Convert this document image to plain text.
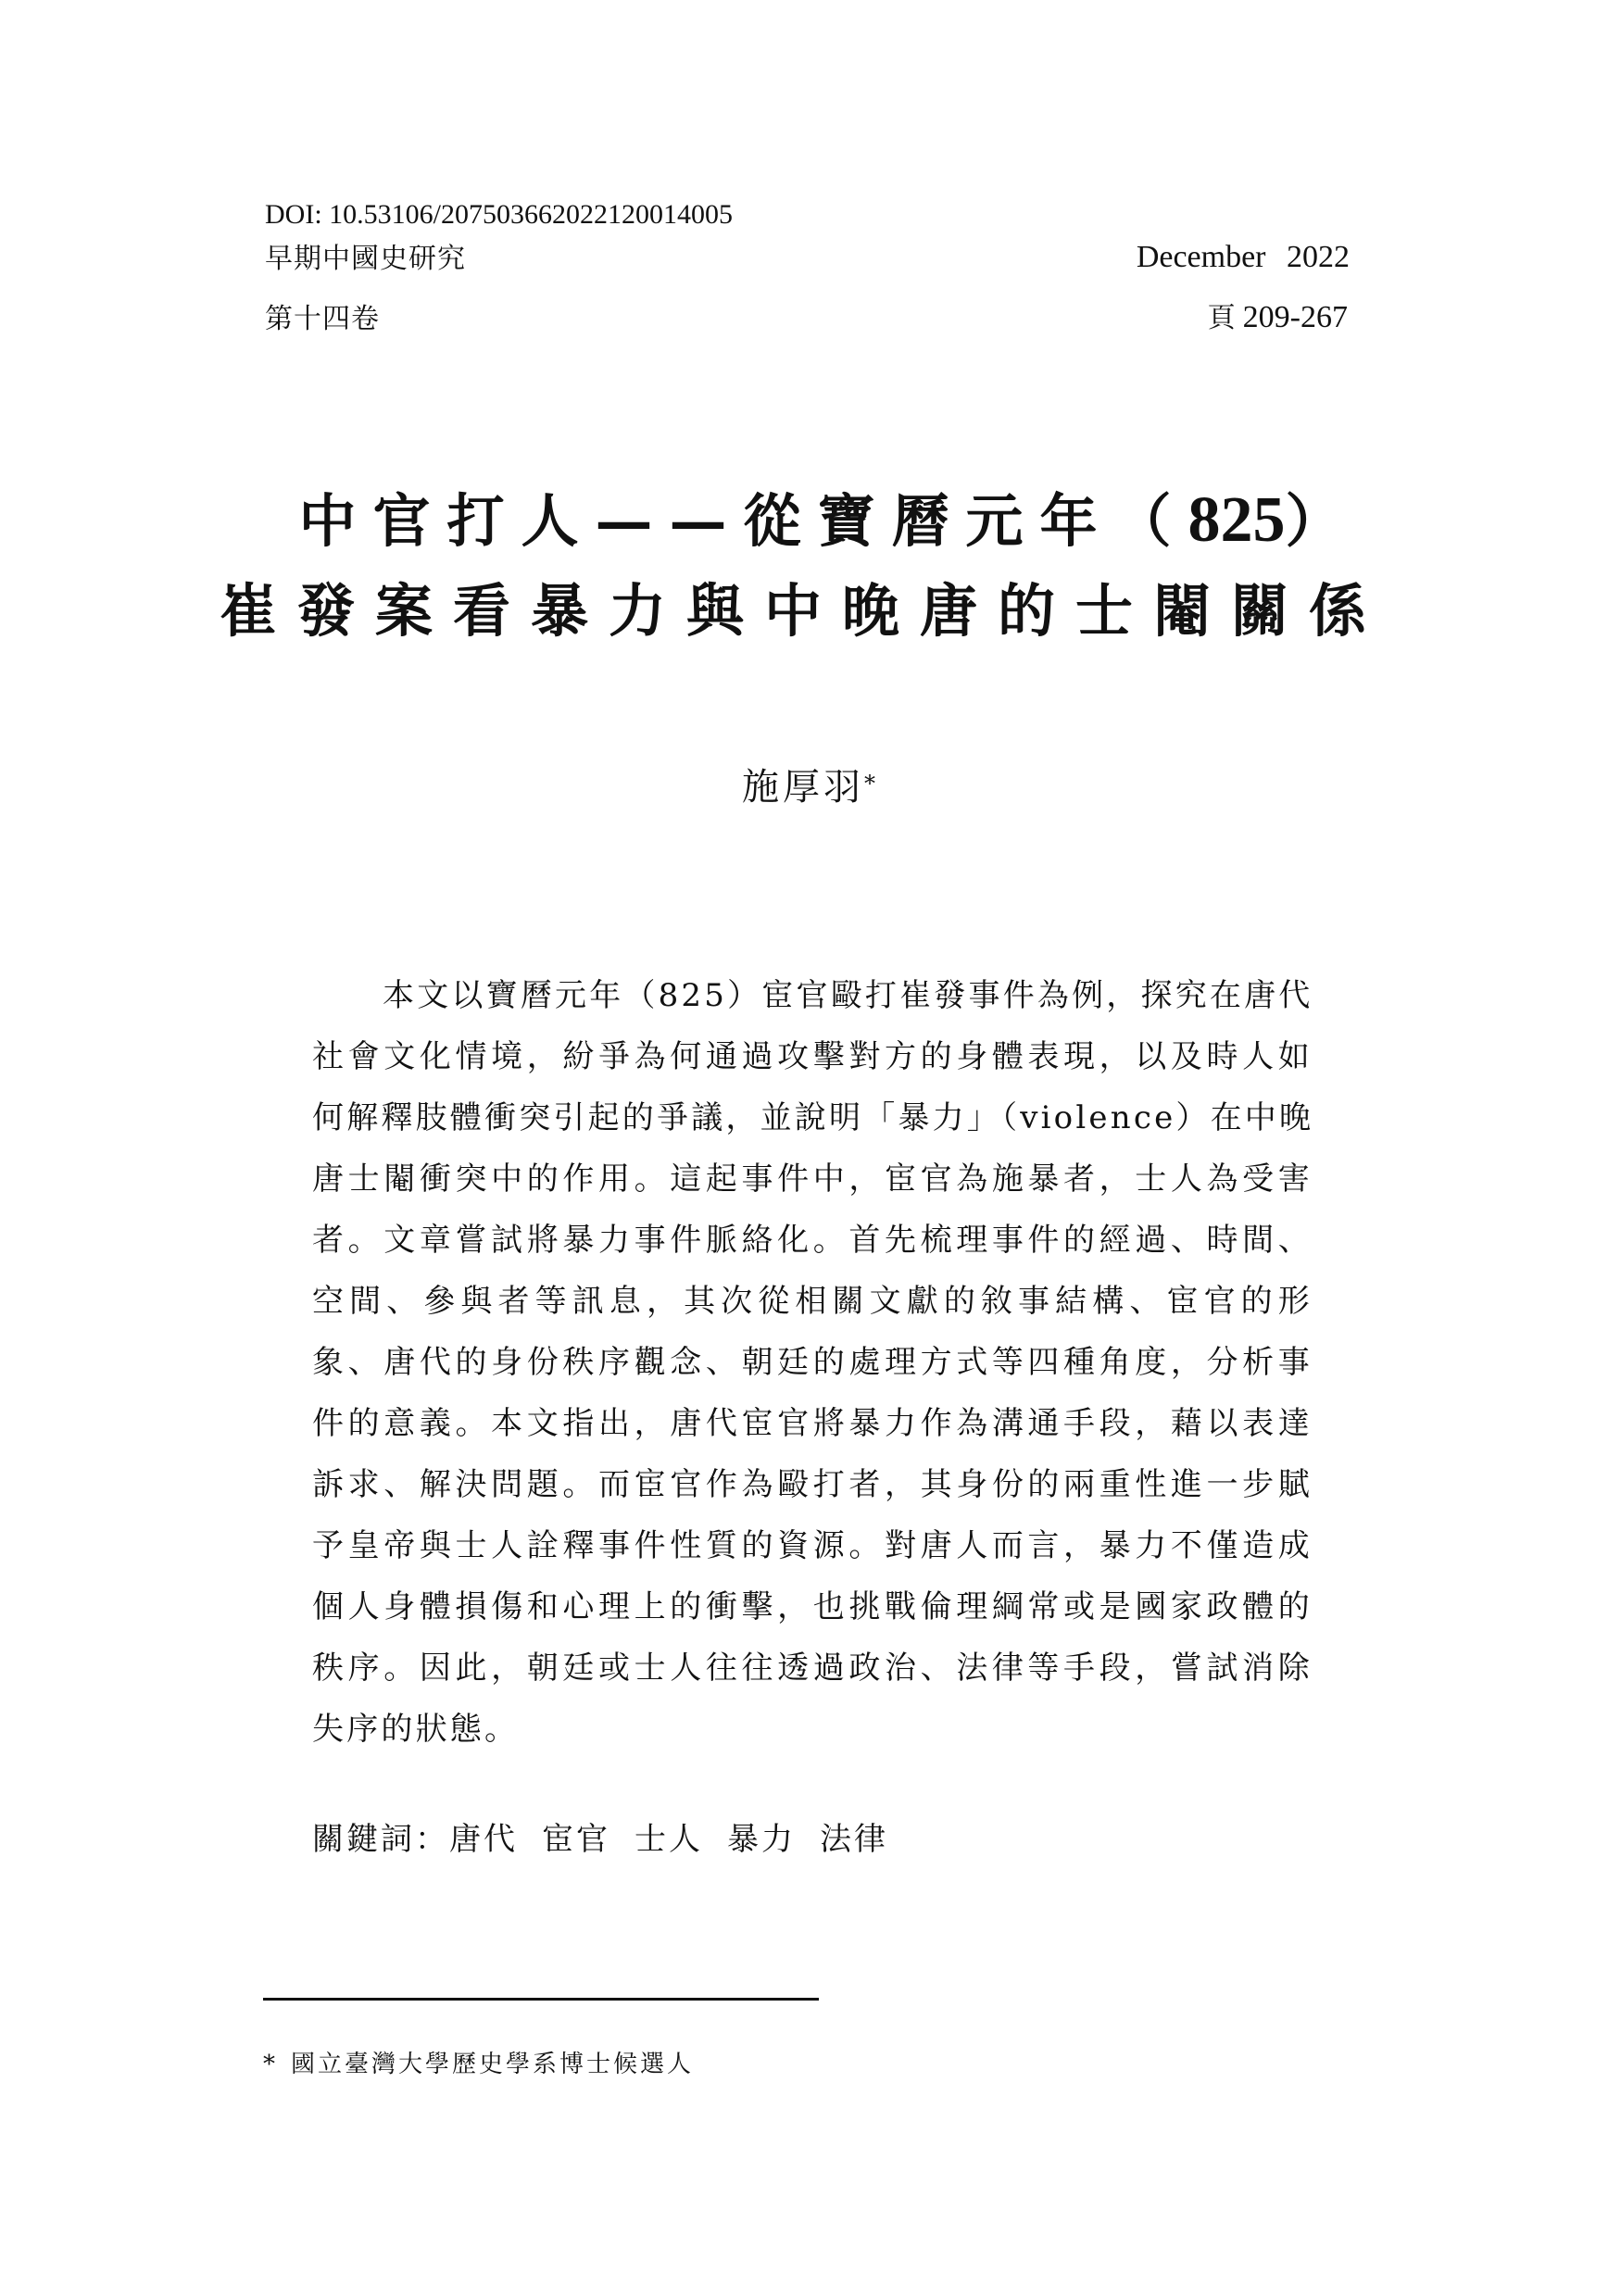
DOI: 10.53106/207503662022120014005
早期中國史研究
第十四卷
December 2022
頁 209-267
中官打人——從寶曆元年（825）
崔發案看暴力與中晚唐的士閹關係
施厚羽*
本文以寶曆元年（825）宦官毆打崔發事件為例，探究在唐代
社會文化情境，紛爭為何通過攻擊對方的身體表現，以及時人如
何解釋肢體衝突引起的爭議，並說明「暴力」（violence）在中晚
唐士閹衝突中的作用。這起事件中，宦官為施暴者，士人為受害
者。文章嘗試將暴力事件脈絡化。首先梳理事件的經過、時間、
空間、參與者等訊息，其次從相關文獻的敘事結構、宦官的形
象、唐代的身份秩序觀念、朝廷的處理方式等四種角度，分析事
件的意義。本文指出，唐代宦官將暴力作為溝通手段，藉以表達
訴求、解決問題。而宦官作為毆打者，其身份的兩重性進一步賦
予皇帝與士人詮釋事件性質的資源。對唐人而言，暴力不僅造成
個人身體損傷和心理上的衝擊，也挑戰倫理綱常或是國家政體的
秩序。因此，朝廷或士人往往透過政治、法律等手段，嘗試消除
失序的狀態。
關鍵詞：唐代 宦官 士人 暴力 法律
* 國立臺灣大學歷史學系博士候選人
